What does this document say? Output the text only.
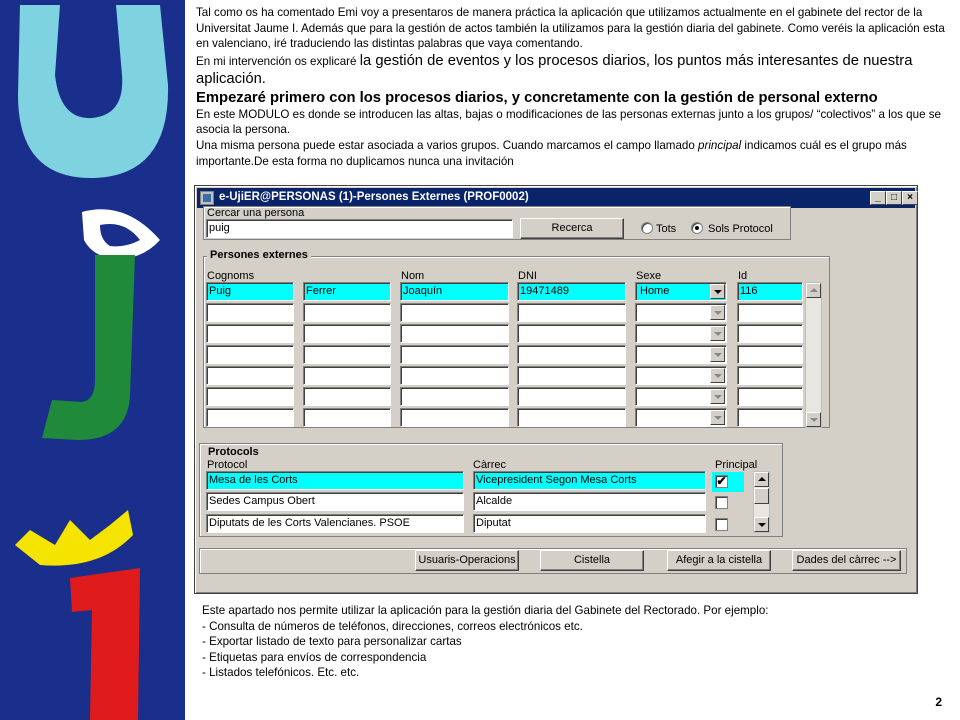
Tal como os ha comentado Emi voy a presentaros de manera práctica la aplicación que utilizamos actualmente en el gabinete del rector de la Universitat Jaume I. Además que para la gestión de actos también la utilizamos para la gestión diaria del gabinete. Como veréis la aplicación esta en valenciano, iré traduciendo las distintas palabras que vaya comentando.

En mi intervención os explicaré la gestión de eventos y los procesos diarios, los puntos más interesantes de nuestra aplicación.

Empezaré primero con los procesos diarios, y concretamente con la gestión de personal externo

En este MODULO es donde se introducen las altas, bajas o modificaciones de las personas externas junto a los grupos/ “colectivos” a los que se asocia la persona.

Una misma persona puede estar asociada a varios grupos. Cuando marcamos el campo llamado principal indicamos cuál es el grupo más importante.De esta forma no duplicamos nunca una invitación

e-UjiER@PERSONAS (1)-Persones Externes (PROF0002)	_	□	×
Cercar una persona
puig	Recerca	Tots	Sols Protocol
Persones externes
Cognoms	Nom	DNI	Sexe	Id
Puig	Ferrer	Joaquín	19471489	Home	116
Protocols
Protocol	Càrrec	Principal
Mesa de les Corts	Vicepresident Segon Mesa Corts	✔
Sedes Campus Obert	Alcalde
Diputats de les Corts Valencianes. PSOE	Diputat
Usuaris-Operacions	Cistella	Afegir a la cistella	Dades del càrrec -->
Este apartado nos permite utilizar la aplicación para la gestión diaria del Gabinete del Rectorado. Por ejemplo:
- Consulta de números de teléfonos, direcciones, correos electrónicos etc.
- Exportar listado de texto para personalizar cartas
- Etiquetas para envíos de correspondencia
- Listados telefónicos. Etc. etc.
2
